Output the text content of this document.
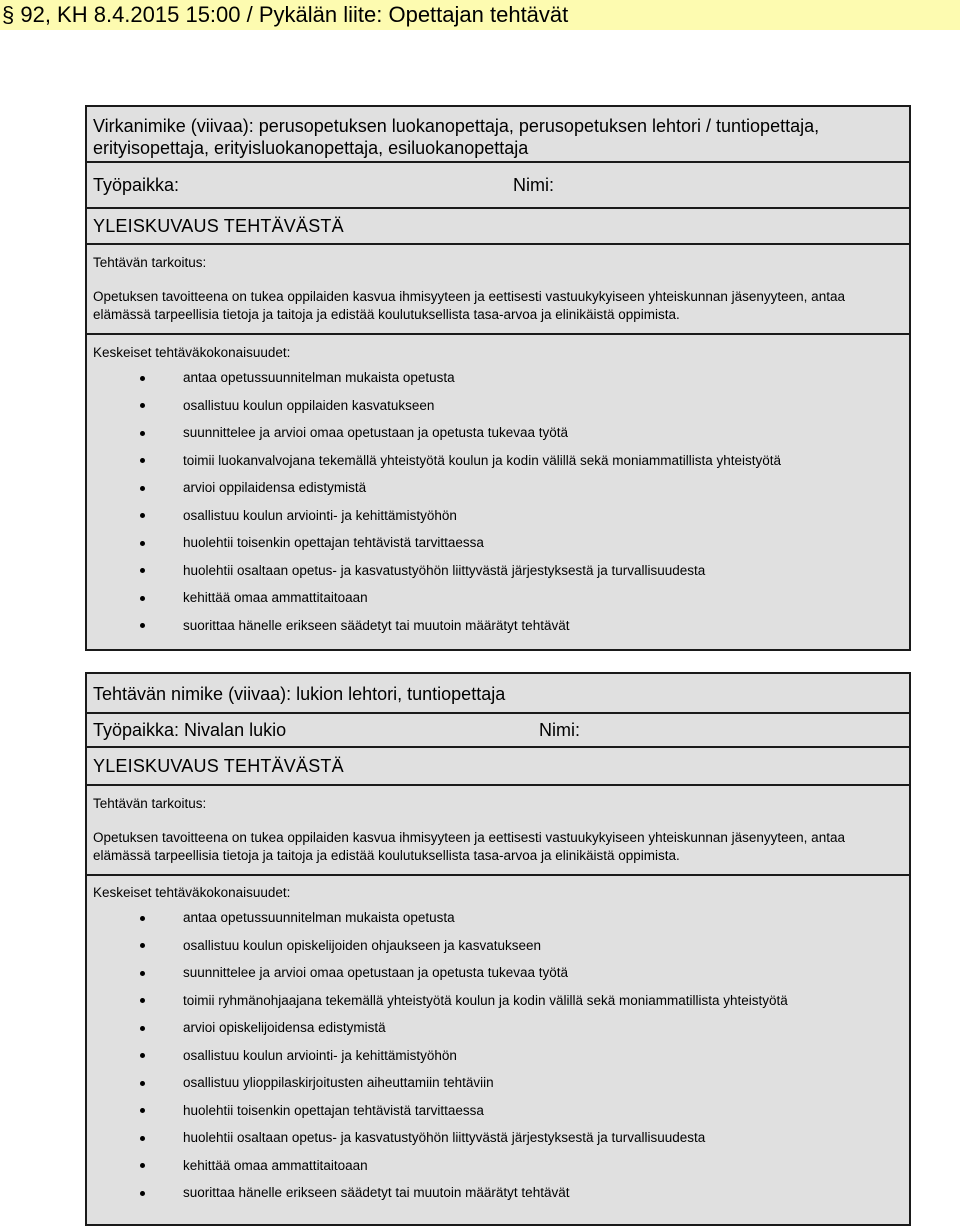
§ 92, KH 8.4.2015 15:00 / Pykälän liite: Opettajan tehtävät
Virkanimike (viivaa): perusopetuksen luokanopettaja, perusopetuksen lehtori / tuntiopettaja, erityisopettaja, erityisluokanopettaja, esiluokanopettaja
Työpaikka:	Nimi:
YLEISKUVAUS TEHTÄVÄSTÄ
Tehtävän tarkoitus:
Opetuksen tavoitteena on tukea oppilaiden kasvua ihmisyyteen ja eettisesti vastuukykyiseen yhteiskunnan jäsenyyteen, antaa elämässä tarpeellisia tietoja ja taitoja ja edistää koulutuksellista tasa-arvoa ja elinikäistä oppimista.
Keskeiset tehtäväkokonaisuudet:
antaa opetussuunnitelman mukaista opetusta
osallistuu koulun oppilaiden kasvatukseen
suunnittelee ja arvioi omaa opetustaan ja opetusta tukevaa työtä
toimii luokanvalvojana tekemällä yhteistyötä koulun ja kodin välillä sekä moniammatillista yhteistyötä
arvioi oppilaidensa edistymistä
osallistuu koulun arviointi- ja kehittämistyöhön
huolehtii toisenkin opettajan tehtävistä tarvittaessa
huolehtii osaltaan opetus- ja kasvatustyöhön liittyvästä järjestyksestä ja turvallisuudesta
kehittää omaa ammattitaitoaan
suorittaa hänelle erikseen säädetyt tai muutoin määrätyt tehtävät
Tehtävän nimike (viivaa): lukion lehtori, tuntiopettaja
Työpaikka: Nivalan lukio	Nimi:
YLEISKUVAUS TEHTÄVÄSTÄ
Tehtävän tarkoitus:
Opetuksen tavoitteena on tukea oppilaiden kasvua ihmisyyteen ja eettisesti vastuukykyiseen yhteiskunnan jäsenyyteen, antaa elämässä tarpeellisia tietoja ja taitoja ja edistää koulutuksellista tasa-arvoa ja elinikäistä oppimista.
Keskeiset tehtäväkokonaisuudet:
antaa opetussuunnitelman mukaista opetusta
osallistuu koulun opiskelijoiden ohjaukseen ja kasvatukseen
suunnittelee ja arvioi omaa opetustaan ja opetusta tukevaa työtä
toimii ryhmänohjaajana tekemällä yhteistyötä koulun ja kodin välillä sekä moniammatillista yhteistyötä
arvioi opiskelijoidensa edistymistä
osallistuu koulun arviointi- ja kehittämistyöhön
osallistuu ylioppilaskirjoitusten aiheuttamiin tehtäviin
huolehtii toisenkin opettajan tehtävistä tarvittaessa
huolehtii osaltaan opetus- ja kasvatustyöhön liittyvästä järjestyksestä ja turvallisuudesta
kehittää omaa ammattitaitoaan
suorittaa hänelle erikseen säädetyt tai muutoin määrätyt tehtävät
